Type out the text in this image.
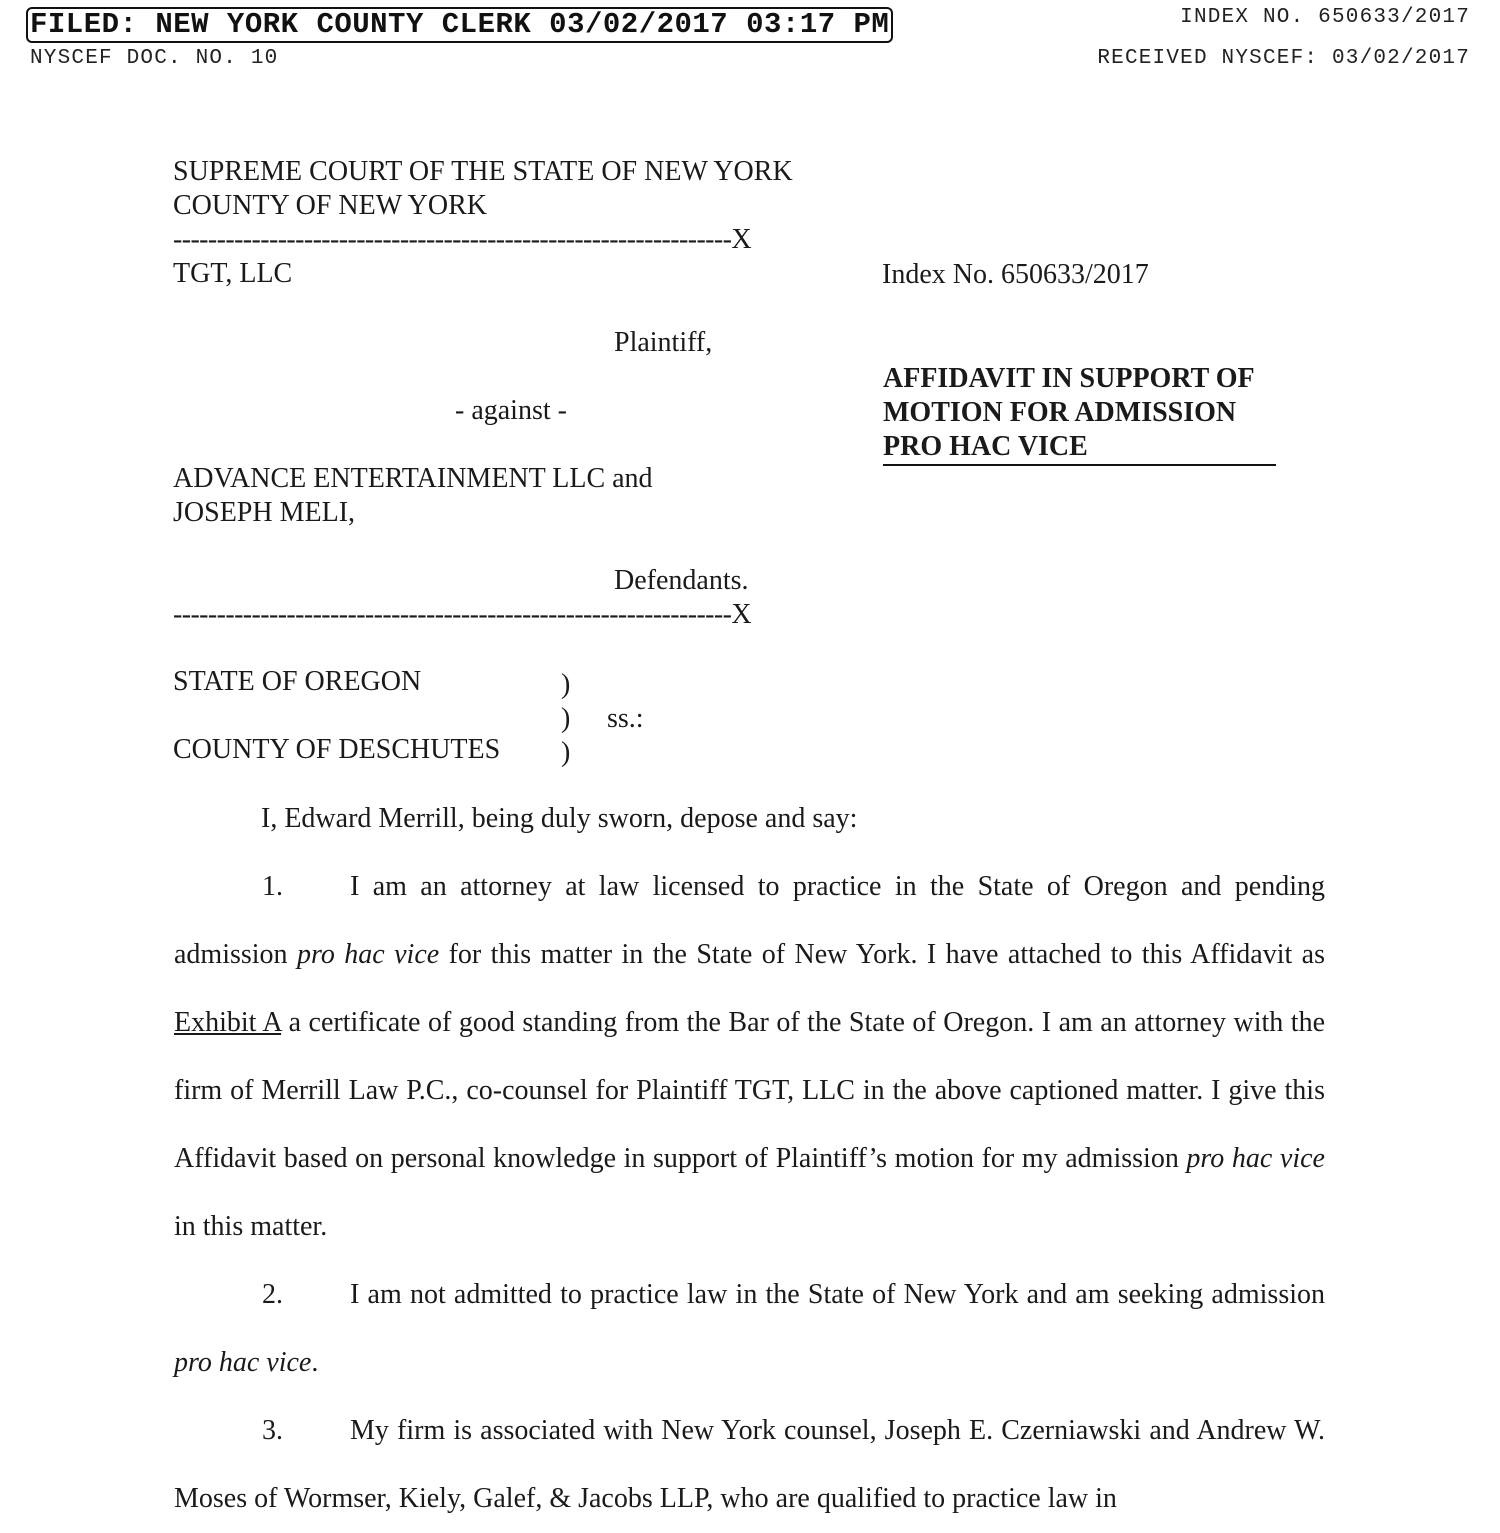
FILED: NEW YORK COUNTY CLERK 03/02/2017 03:17 PM	INDEX NO. 650633/2017
NYSCEF DOC. NO. 10	RECEIVED NYSCEF: 03/02/2017
SUPREME COURT OF THE STATE OF NEW YORK
COUNTY OF NEW YORK
----------------------------------------------------------------X
TGT, LLC	Index No. 650633/2017
Plaintiff,
- against -
ADVANCE ENTERTAINMENT LLC and
JOSEPH MELI,
Defendants.
----------------------------------------------------------------X
AFFIDAVIT IN SUPPORT OF
MOTION FOR ADMISSION
PRO HAC VICE
STATE OF OREGON	)
) ss.:
COUNTY OF DESCHUTES )
I, Edward Merrill, being duly sworn, depose and say:

1. I am an attorney at law licensed to practice in the State of Oregon and pending admission pro hac vice for this matter in the State of New York. I have attached to this Affidavit as Exhibit A a certificate of good standing from the Bar of the State of Oregon. I am an attorney with the firm of Merrill Law P.C., co-counsel for Plaintiff TGT, LLC in the above captioned matter. I give this Affidavit based on personal knowledge in support of Plaintiff’s motion for my admission pro hac vice in this matter.

2. I am not admitted to practice law in the State of New York and am seeking admission pro hac vice.

3. My firm is associated with New York counsel, Joseph E. Czerniawski and Andrew W. Moses of Wormser, Kiely, Galef, & Jacobs LLP, who are qualified to practice law in
